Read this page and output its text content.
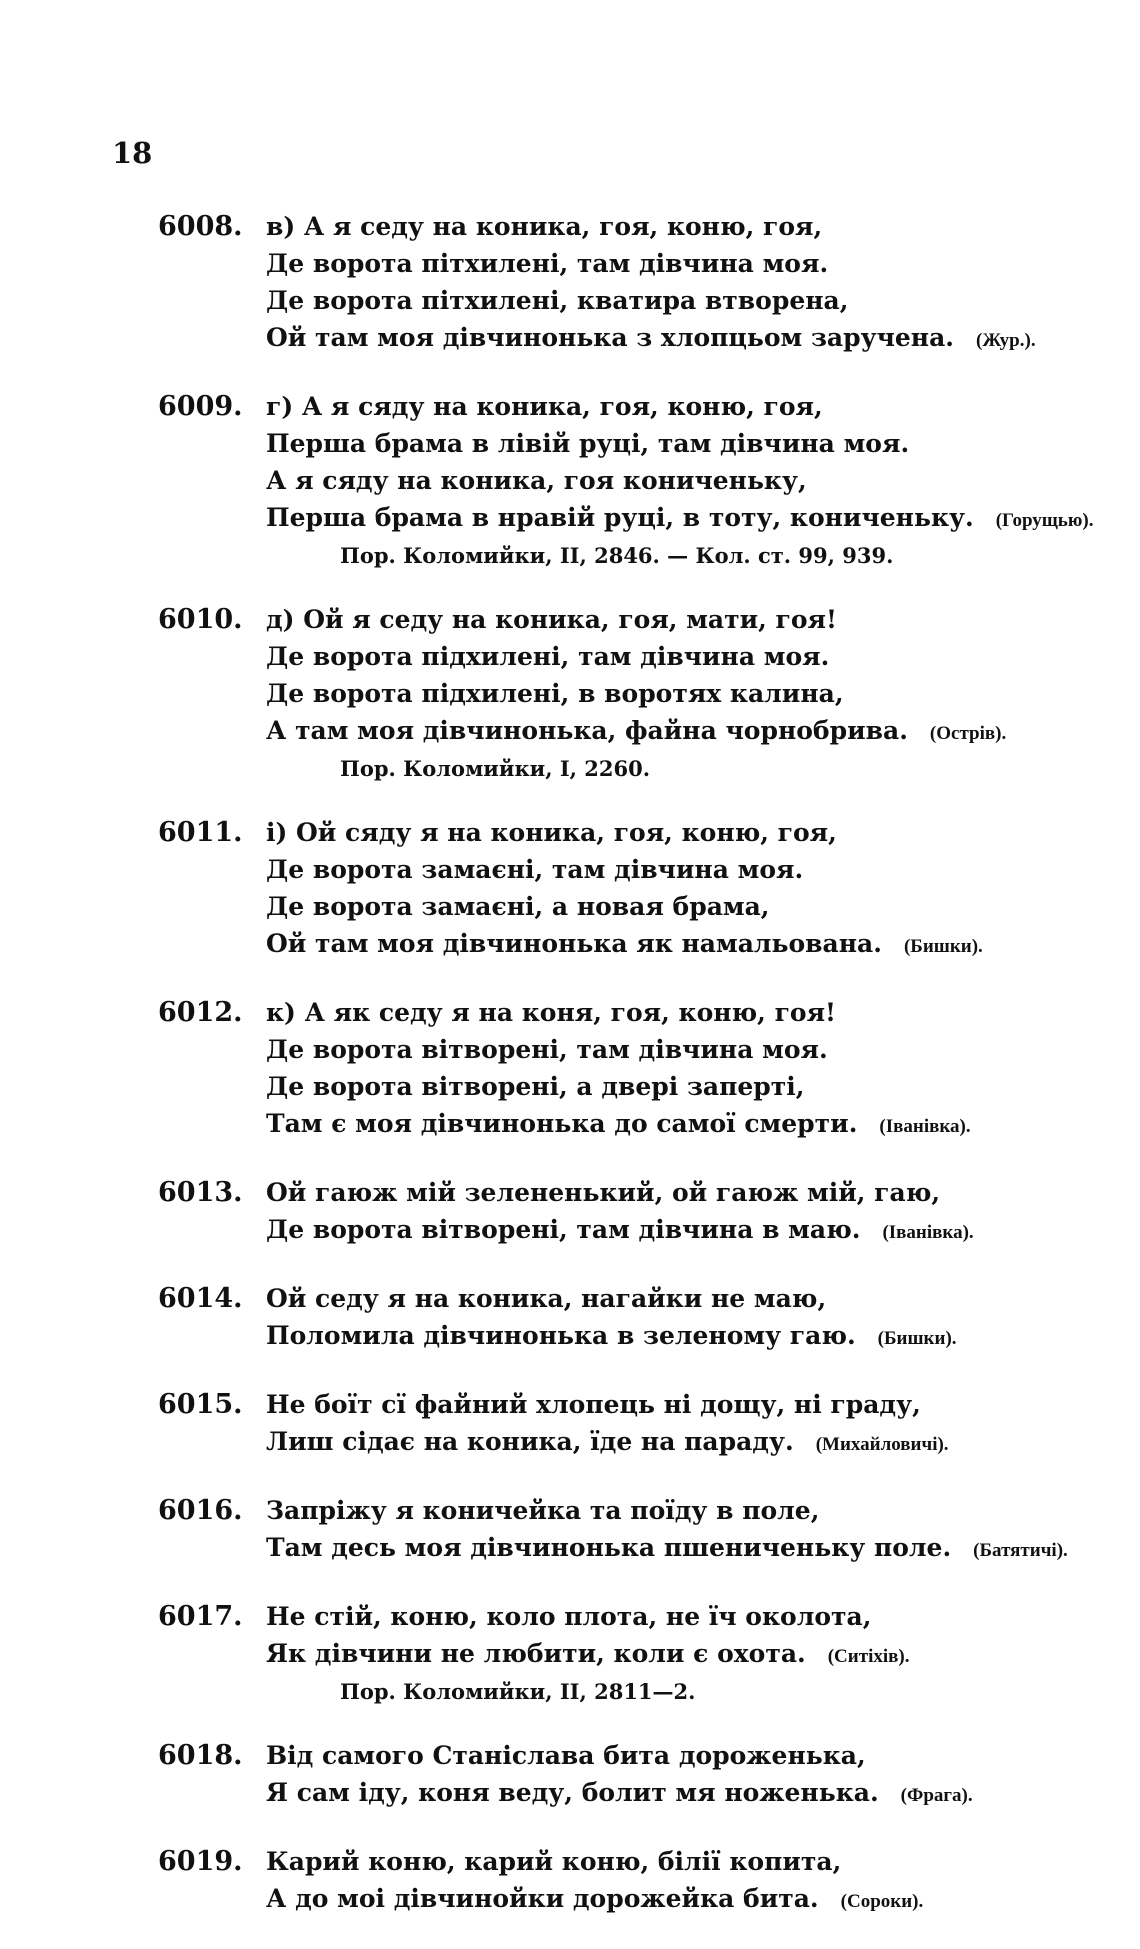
18
6008. в) А я седу на коника, гоя, коню, гоя,
Де ворота пітхилені, там дівчина моя.
Де ворота пітхилені, кватира втворена,
Ой там моя дівчинонька з хлопцьом заручена. (Жур.).
6009. г) А я сяду на коника, гоя, коню, гоя,
Перша брама в лівій руці, там дівчина моя.
А я сяду на коника, гоя кониченьку,
Перша брама в нравій руці, в тоту, кониченьку. (Горущью).
Пор. Коломийки, II, 2846. — Кол. ст. 99, 939.
6010. д) Ой я седу на коника, гоя, мати, гоя!
Де ворота підхилені, там дівчина моя.
Де ворота підхилені, в воротях калина,
А там моя дівчинонька, файна чорнобрива. (Острів).
Пор. Коломийки, I, 2260.
6011. і) Ой сяду я на коника, гоя, коню, гоя,
Де ворота замаєні, там дівчина моя.
Де ворота замаєні, а новая брама,
Ой там моя дівчинонька як намальована. (Бишки).
6012. к) А як седу я на коня, гоя, коню, гоя!
Де ворота вітворені, там дівчина моя.
Де ворота вітворені, а двері заперті,
Там є моя дівчинонька до самої смерти. (Іванівка).
6013. Ой гаюж мій зелененький, ой гаюж мій, гаю,
Де ворота вітворені, там дівчина в маю. (Іванівка).
6014. Ой седу я на коника, нагайки не маю,
Поломила дівчинонька в зеленому гаю. (Бишки).
6015. Не боїт сї файний хлопець ні дощу, ні граду,
Лиш сідає на коника, їде на параду. (Михайловичі).
6016. Запріжу я коничейка та поїду в поле,
Там десь моя дівчинонька пшениченьку поле. (Батятичі).
6017. Не стій, коню, коло плота, не їч околота,
Як дівчини не любити, коли є охота. (Ситіхів).
Пор. Коломийки, II, 2811—2.
6018. Від самого Станіслава бита дороженька,
Я сам іду, коня веду, болит мя ноженька. (Фрага).
6019. Карий коню, карий коню, білії копита,
А до моі дівчинойки дорожейка бита. (Сороки).
